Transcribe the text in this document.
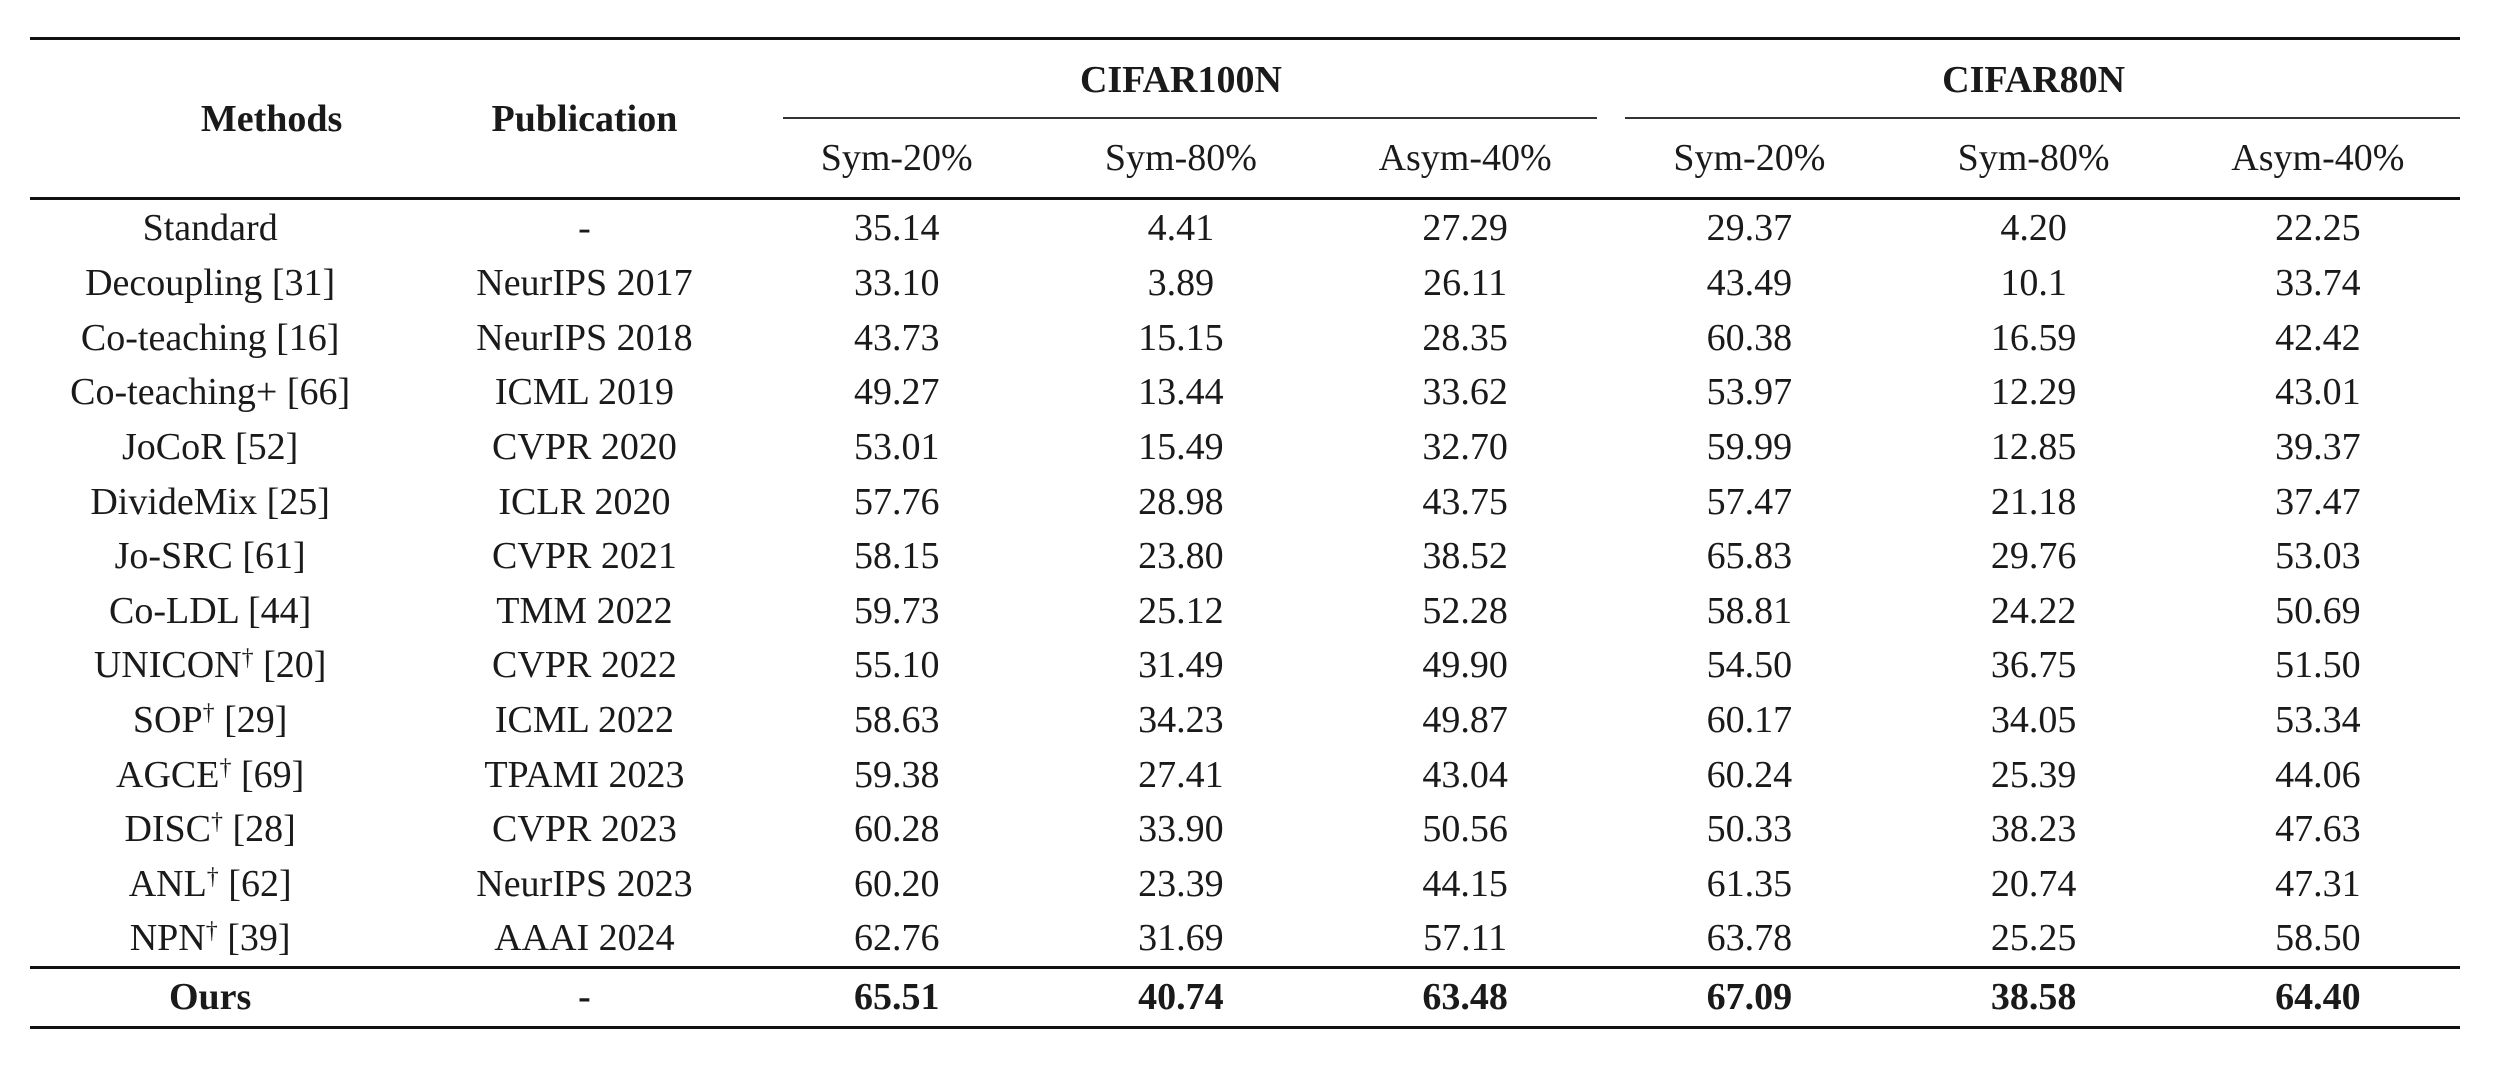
Methods	Publication	CIFAR100N			CIFAR80N		

		Sym-20%	Sym-80%	Asym-40%	Sym-20%	Sym-80%	Asym-40%
Standard	-	35.14	4.41	27.29	29.37	4.20	22.25
Decoupling [31]	NeurIPS 2017	33.10	3.89	26.11	43.49	10.1	33.74
Co-teaching [16]	NeurIPS 2018	43.73	15.15	28.35	60.38	16.59	42.42
Co-teaching+ [66]	ICML 2019	49.27	13.44	33.62	53.97	12.29	43.01
JoCoR [52]	CVPR 2020	53.01	15.49	32.70	59.99	12.85	39.37
DivideMix [25]	ICLR 2020	57.76	28.98	43.75	57.47	21.18	37.47
Jo-SRC [61]	CVPR 2021	58.15	23.80	38.52	65.83	29.76	53.03
Co-LDL [44]	TMM 2022	59.73	25.12	52.28	58.81	24.22	50.69
UNICON† [20]	CVPR 2022	55.10	31.49	49.90	54.50	36.75	51.50
SOP† [29]	ICML 2022	58.63	34.23	49.87	60.17	34.05	53.34
AGCE† [69]	TPAMI 2023	59.38	27.41	43.04	60.24	25.39	44.06
DISC† [28]	CVPR 2023	60.28	33.90	50.56	50.33	38.23	47.63
ANL† [62]	NeurIPS 2023	60.20	23.39	44.15	61.35	20.74	47.31
NPN† [39]	AAAI 2024	62.76	31.69	57.11	63.78	25.25	58.50
Ours	-	65.51	40.74	63.48	67.09	38.58	64.40
